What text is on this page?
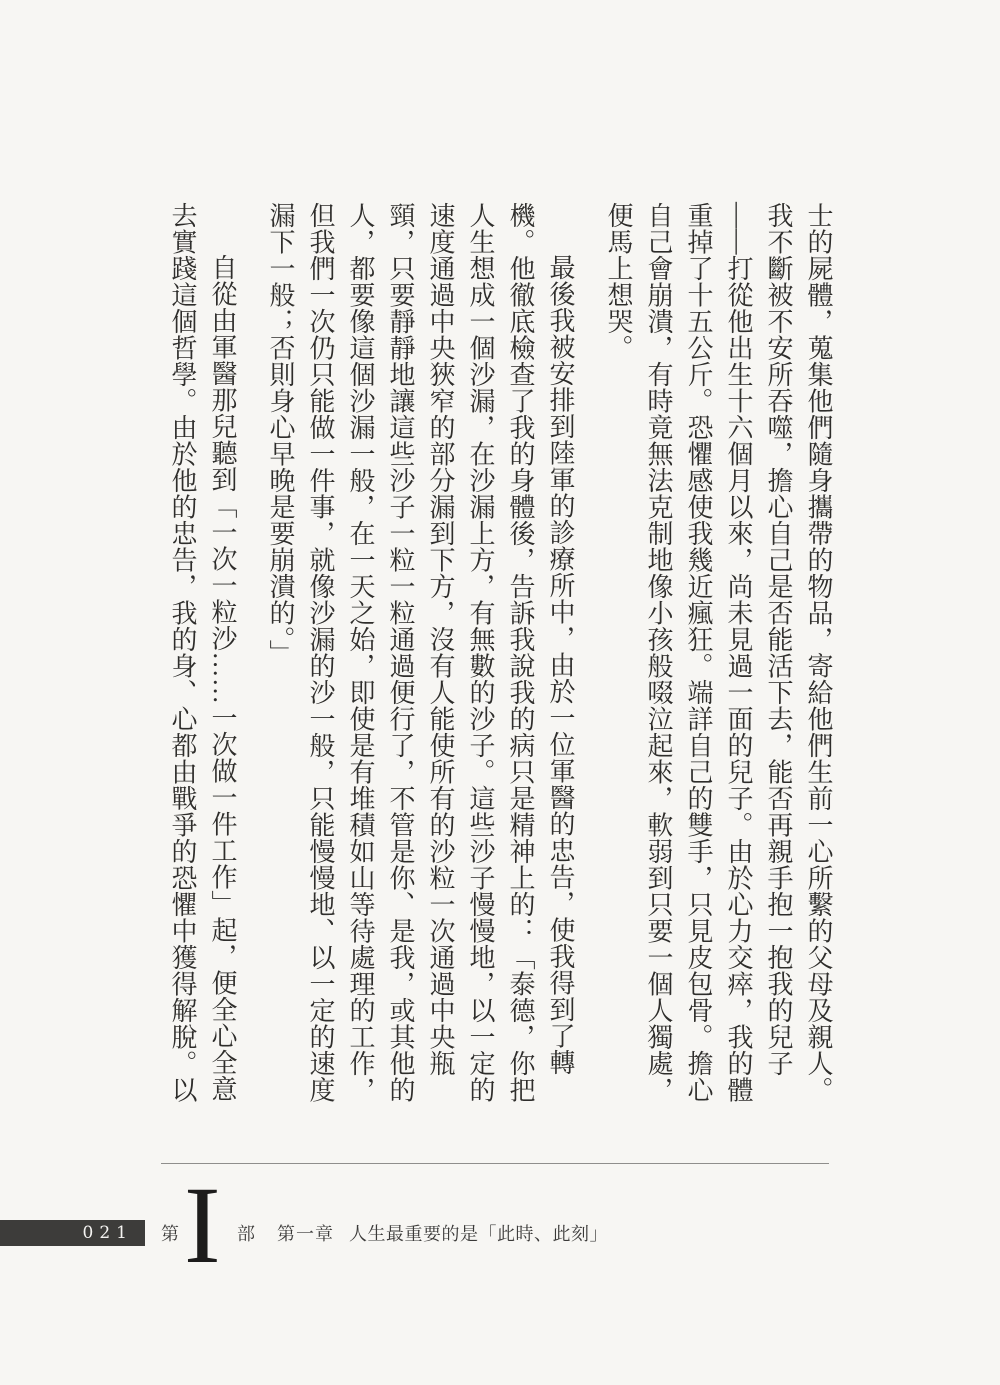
士的屍體，蒐集他們隨身攜帶的物品，寄給他們生前一心所繫的父母及親人。我不斷被不安所吞噬，擔心自己是否能活下去，能否再親手抱一抱我的兒子——打從他出生十六個月以來，尚未見過一面的兒子。由於心力交瘁，我的體重掉了十五公斤。恐懼感使我幾近瘋狂。端詳自己的雙手，只見皮包骨。擔心自己會崩潰，有時竟無法克制地像小孩般啜泣起來，軟弱到只要一個人獨處，便馬上想哭。

最後我被安排到陸軍的診療所中，由於一位軍醫的忠告，使我得到了轉機。他徹底檢查了我的身體後，告訴我說我的病只是精神上的：「泰德，你把人生想成一個沙漏，在沙漏上方，有無數的沙子。這些沙子慢慢地，以一定的速度通過中央狹窄的部分漏到下方，沒有人能使所有的沙粒一次通過中央瓶頸，只要靜靜地讓這些沙子一粒一粒通過便行了，不管是你、是我，或其他的人，都要像這個沙漏一般，在一天之始，即使是有堆積如山等待處理的工作，但我們一次仍只能做一件事，就像沙漏的沙一般，只能慢慢地、以一定的速度漏下一般；否則身心早晚是要崩潰的。」

自從由軍醫那兒聽到「一次一粒沙……一次做一件工作」起，便全心全意去實踐這個哲學。由於他的忠告，我的身、心都由戰爭的恐懼中獲得解脫。以

021	第 I 部 第一章 人生最重要的是「此時、此刻」
